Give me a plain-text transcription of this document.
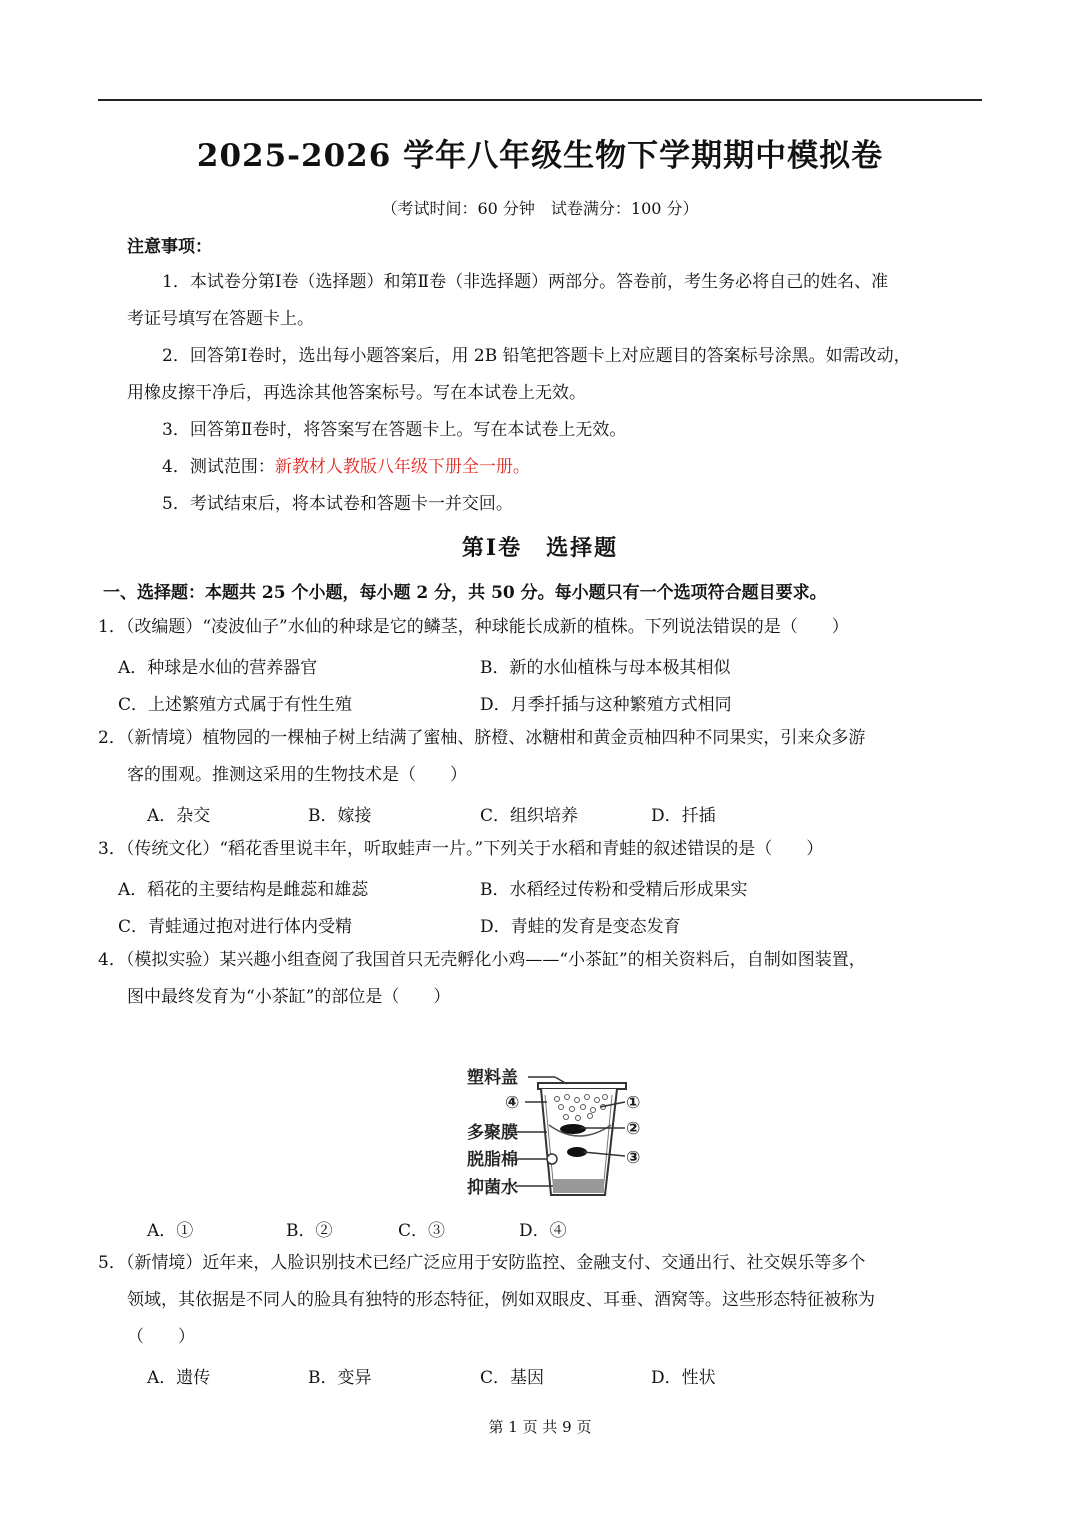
2025-2026 学年八年级生物下学期期中模拟卷
（考试时间：60 分钟　试卷满分：100 分）
注意事项：
1．本试卷分第Ⅰ卷（选择题）和第Ⅱ卷（非选择题）两部分。答卷前，考生务必将自己的姓名、准
考证号填写在答题卡上。
2．回答第Ⅰ卷时，选出每小题答案后，用 2B 铅笔把答题卡上对应题目的答案标号涂黑。如需改动，
用橡皮擦干净后，再选涂其他答案标号。写在本试卷上无效。
3．回答第Ⅱ卷时，将答案写在答题卡上。写在本试卷上无效。
4．测试范围：新教材人教版八年级下册全一册。
5．考试结束后，将本试卷和答题卡一并交回。
第Ⅰ卷　选择题
一、选择题：本题共 25 个小题，每小题 2 分，共 50 分。每小题只有一个选项符合题目要求。
1．（改编题）“凌波仙子”水仙的种球是它的鳞茎，种球能长成新的植株。下列说法错误的是（　　）
A．种球是水仙的营养器官	B．新的水仙植株与母本极其相似
C．上述繁殖方式属于有性生殖	D．月季扦插与这种繁殖方式相同
2．（新情境）植物园的一棵柚子树上结满了蜜柚、脐橙、冰糖柑和黄金贡柚四种不同果实，引来众多游
客的围观。推测这采用的生物技术是（　　）
A．杂交	B．嫁接	C．组织培养	D．扦插
3．（传统文化）“稻花香里说丰年，听取蛙声一片。”下列关于水稻和青蛙的叙述错误的是（　　）
A．稻花的主要结构是雌蕊和雄蕊	B．水稻经过传粉和受精后形成果实
C．青蛙通过抱对进行体内受精	D．青蛙的发育是变态发育
4．（模拟实验）某兴趣小组查阅了我国首只无壳孵化小鸡——“小茶缸”的相关资料后，自制如图装置，
图中最终发育为“小茶缸”的部位是（　　）
塑料盖
④
多聚膜
脱脂棉
抑菌水
①
②
③
A．①	B．②	C．③	D．④
5．（新情境）近年来，人脸识别技术已经广泛应用于安防监控、金融支付、交通出行、社交娱乐等多个
领域，其依据是不同人的脸具有独特的形态特征，例如双眼皮、耳垂、酒窝等。这些形态特征被称为
（　　）
A．遗传	B．变异	C．基因	D．性状
第 1 页 共 9 页
